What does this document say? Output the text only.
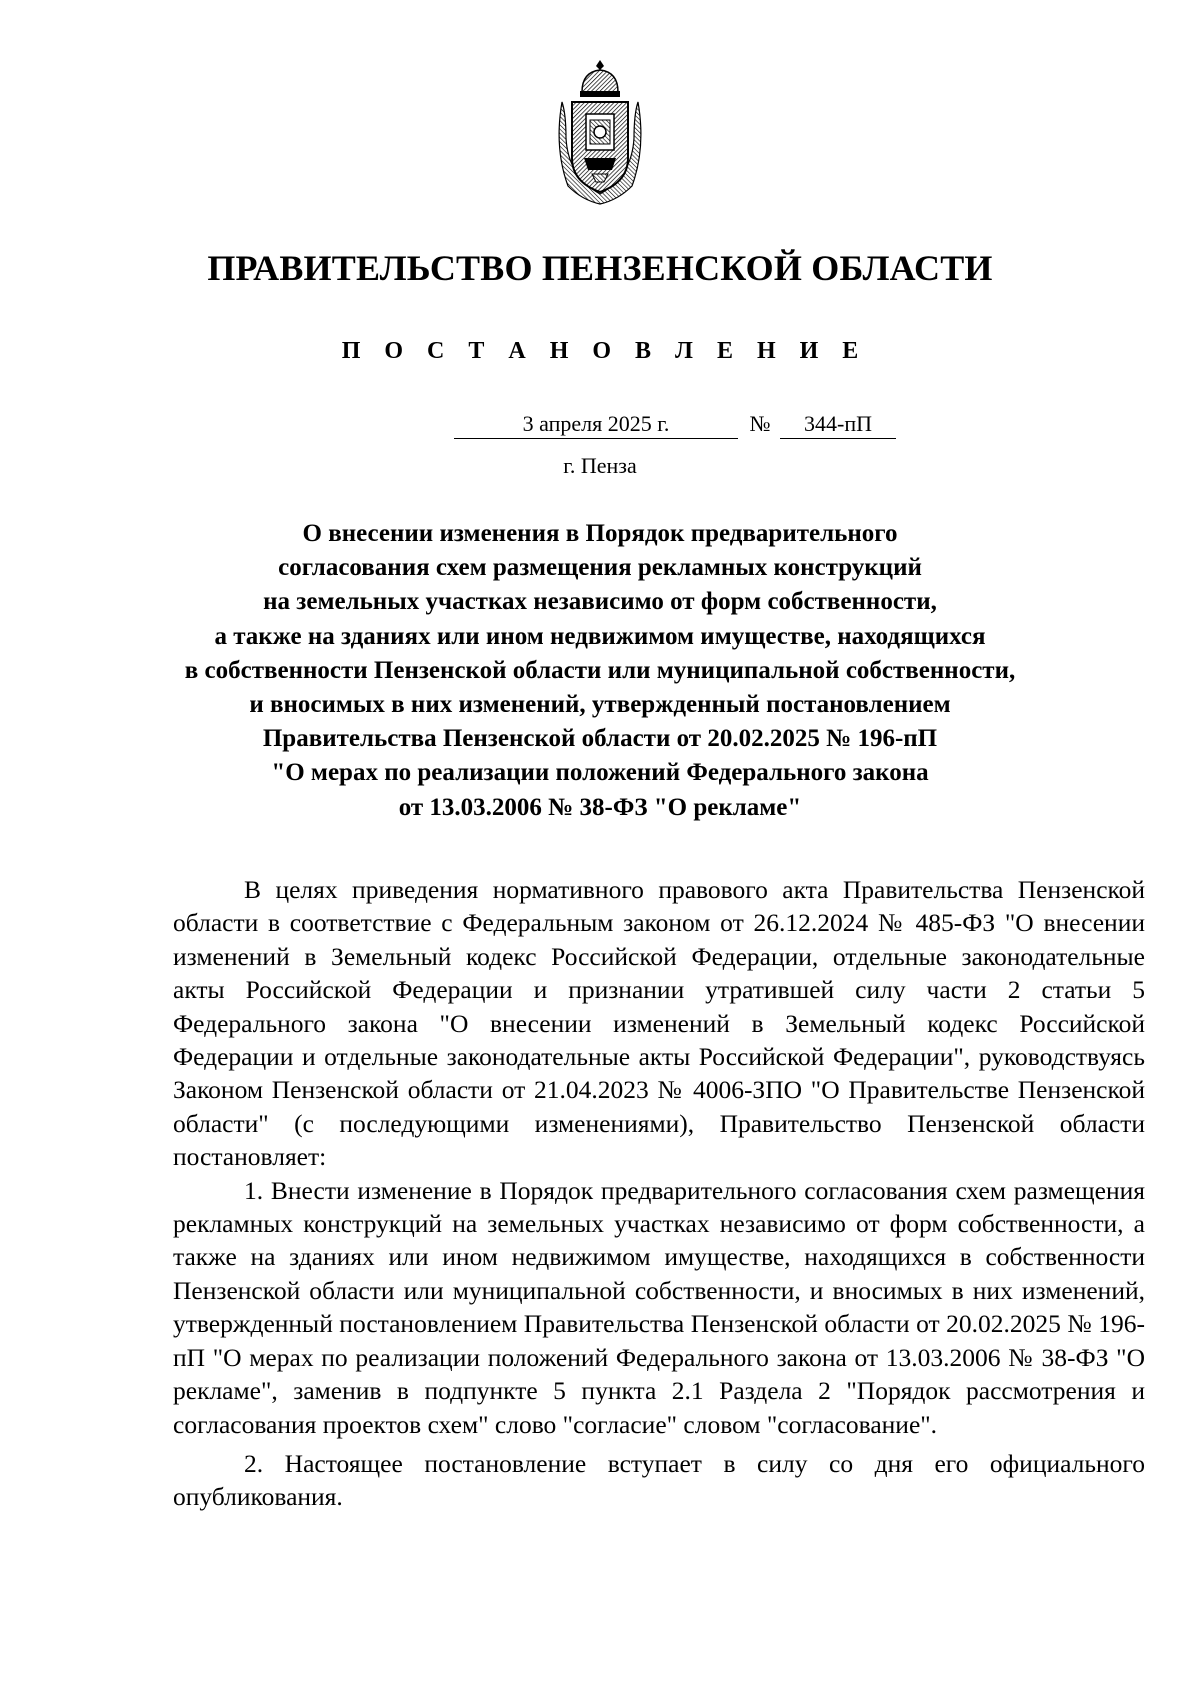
ПРАВИТЕЛЬСТВО ПЕНЗЕНСКОЙ ОБЛАСТИ
П О С Т А Н О В Л Е Н И Е
3 апреля 2025 г.	№	344-пП
г. Пенза
О внесении изменения в Порядок предварительного
согласования схем размещения рекламных конструкций
на земельных участках независимо от форм собственности,
а также на зданиях или ином недвижимом имуществе, находящихся
в собственности Пензенской области или муниципальной собственности,
и вносимых в них изменений, утвержденный постановлением
Правительства Пензенской области от 20.02.2025 № 196-пП
"О мерах по реализации положений Федерального закона
от 13.03.2006 № 38-ФЗ "О рекламе"

В целях приведения нормативного правового акта Правительства Пензенской области в соответствие с Федеральным законом от 26.12.2024 № 485-ФЗ "О внесении изменений в Земельный кодекс Российской Федерации, отдельные законодательные акты Российской Федерации и признании утратившей силу части 2 статьи 5 Федерального закона "О внесении изменений в Земельный кодекс Российской Федерации и отдельные законодательные акты Российской Федерации", руководствуясь Законом Пензенской области от 21.04.2023 № 4006-ЗПО "О Правительстве Пензенской области" (с последующими изменениями), Правительство Пензенской области постановляет:

1. Внести изменение в Порядок предварительного согласования схем размещения рекламных конструкций на земельных участках независимо от форм собственности, а также на зданиях или ином недвижимом имуществе, находящихся в собственности Пензенской области или муниципальной собственности, и вносимых в них изменений, утвержденный постановлением Правительства Пензенской области от 20.02.2025 № 196-пП "О мерах по реализации положений Федерального закона от 13.03.2006 № 38-ФЗ "О рекламе", заменив в подпункте 5 пункта 2.1 Раздела 2 "Порядок рассмотрения и согласования проектов схем" слово "согласие" словом "согласование".

2. Настоящее постановление вступает в силу со дня его официального опубликования.
